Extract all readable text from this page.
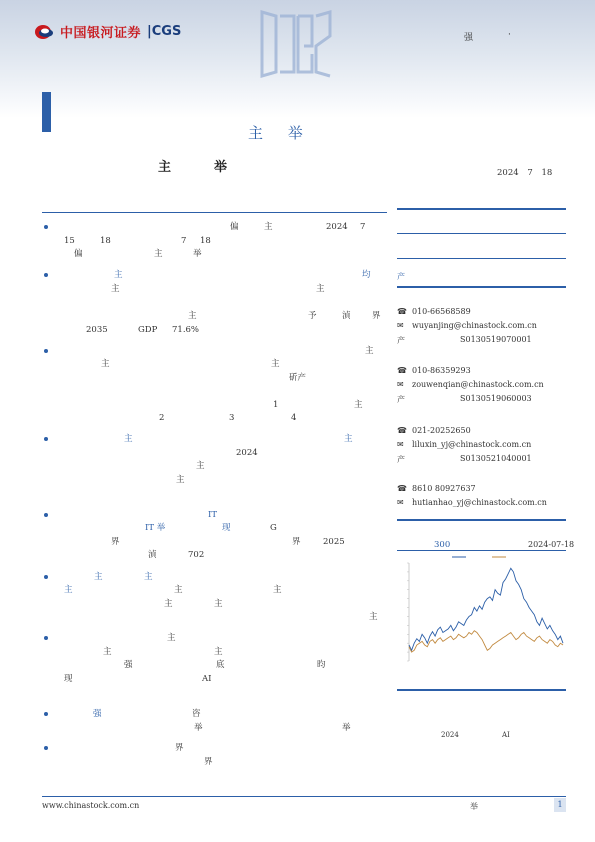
中国银河证券 |CGS	强	·
主 举
主	举	2024 7 18
偏	主	2024 7
15	18	7 18
偏	主	举
主	均
主	主
主	予	湞	界
2035	GDP 71.6%
主
主	主
斫产
1	主
2	3	4
主	主
2024
主
主
IT
IT 举	现	G
界	界	2025
湞	702
主	主
主	主	主
主	主
主
主
主	主
强	底	昀
现	AI
强	咨
举	举
界
界
产
☎ 010-66568589
✉ wuyanjing@chinastock.com.cn
产	S0130519070001
☎ 010-86359293
✉ zouwenqian@chinastock.com.cn
产	S0130519060003
☎ 021-20252650
✉ liluxin_yj@chinastock.com.cn
产	S0130521040001
☎ 8610 80927637
✉ hutianhao_yj@chinastock.com.cn
300	2024-07-18
2024	AI
www.chinastock.com.cn	举	1
